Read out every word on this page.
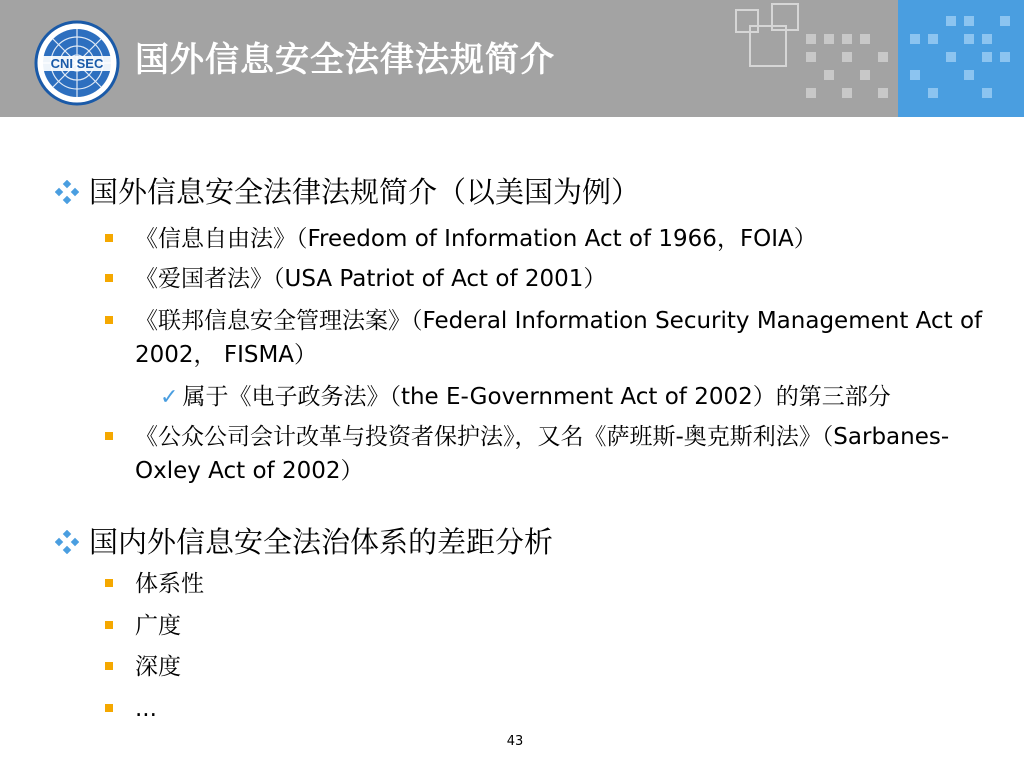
CNI SEC 国外信息安全法律法规简介
国外信息安全法律法规简介（以美国为例）
《信息自由法》（Freedom of Information Act of 1966，FOIA）
《爱国者法》（USA Patriot of Act of 2001）
《联邦信息安全管理法案》（Federal Information Security Management Act of 2002， FISMA）
✓ 属于《电子政务法》（the E-Government Act of 2002）的第三部分
《公众公司会计改革与投资者保护法》，又名《萨班斯-奥克斯利法》（Sarbanes-Oxley Act of 2002）
国内外信息安全法治体系的差距分析
体系性
广度
深度
...
43
